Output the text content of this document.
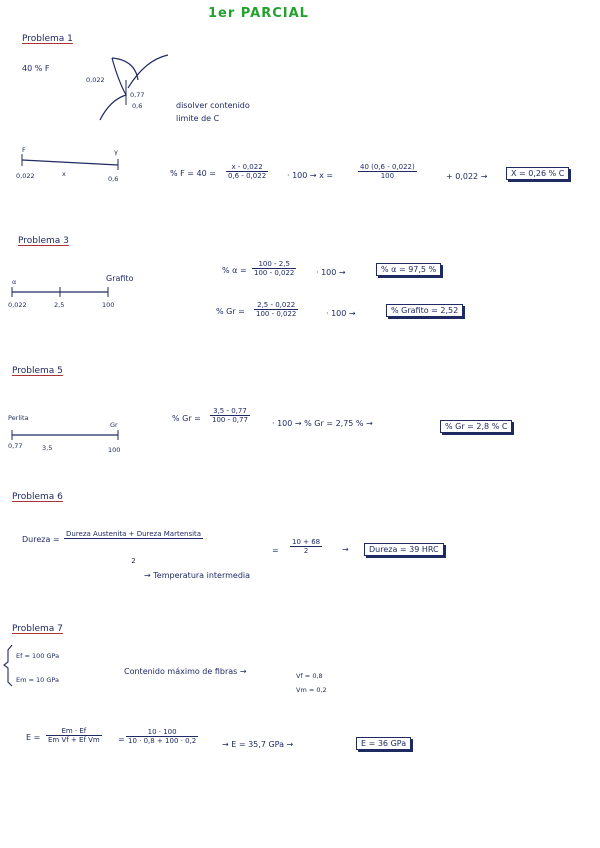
1er PARCIAL
Problema 1
40 % F
0,022
0,77
0,6	disolver contenido
limite de C
F	γ
0,022	x
0,6
% $F = 40 = \frac{x - 0,022}{0,6 - 0,022} \cdot 100 \to x$ =	$\frac{40 (0,6 - 0,022)}{100}$	+ 0,022 →	X = 0,26 % C
Problema 3
α	Grafito
0,022	2,5	100
% $\alpha = \frac{100 - 2,5}{100 - 0,022} \cdot 100$ →	% α = 97,5 %
% $Gr = \frac{2,5 - 0,022}{100 - 0,022}$	· 100 →	% Grafito = 2,52
Problema 5
Perlita
Gr
0,77	3,5	100
% $Gr = \frac{3,5 - 0,77}{100 - 0,77}$	· 100 → % Gr = 2,75 % →	% Gr = 2,8 % C
Problema 6
Dureza =
Dureza Austenita + Dureza Martensita
2
→ Temperatura intermedia
= $\frac{10 + 68}{2}$ →	Dureza = 39 HRC
Problema 7
Ef = 100 GPa
Em = 10 GPa
Contenido máximo de fibras →	Vf = 0,8
Vm = 0,2
$E = \frac{Em \cdot Ef}{\text{Em Vf + Ef Vm}} = \frac{10 \cdot 100}{10 \cdot 0,8 + 100 \cdot 0,2}$	→ E = 35,7 GPa →	E = 36 GPa
